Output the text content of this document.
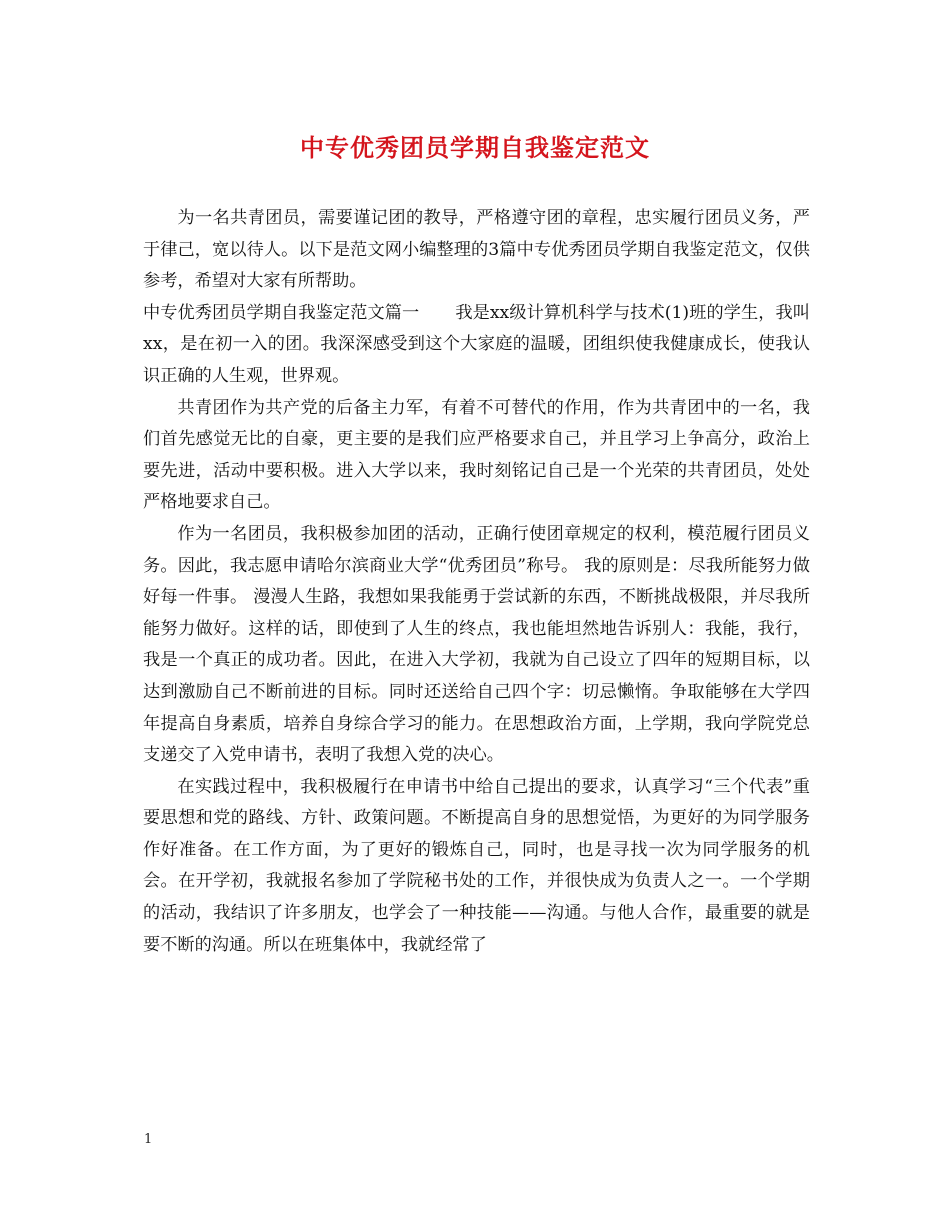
中专优秀团员学期自我鉴定范文

为一名共青团员，需要谨记团的教导，严格遵守团的章程，忠实履行团员义务，严于律己，宽以待人。以下是范文网小编整理的3篇中专优秀团员学期自我鉴定范文，仅供参考，希望对大家有所帮助。

中专优秀团员学期自我鉴定范文篇一 我是xx级计算机科学与技术(1)班的学生，我叫xx，是在初一入的团。我深深感受到这个大家庭的温暖，团组织使我健康成长，使我认识正确的人生观，世界观。

共青团作为共产党的后备主力军，有着不可替代的作用，作为共青团中的一名，我们首先感觉无比的自豪，更主要的是我们应严格要求自己，并且学习上争高分，政治上要先进，活动中要积极。进入大学以来，我时刻铭记自己是一个光荣的共青团员，处处严格地要求自己。

作为一名团员，我积极参加团的活动，正确行使团章规定的权利，模范履行团员义务。因此，我志愿申请哈尔滨商业大学“优秀团员”称号。 我的原则是：尽我所能努力做好每一件事。 漫漫人生路，我想如果我能勇于尝试新的东西，不断挑战极限，并尽我所能努力做好。这样的话，即使到了人生的终点，我也能坦然地告诉别人：我能，我行，我是一个真正的成功者。因此，在进入大学初，我就为自己设立了四年的短期目标，以达到激励自己不断前进的目标。同时还送给自己四个字：切忌懒惰。争取能够在大学四年提高自身素质，培养自身综合学习的能力。在思想政治方面，上学期，我向学院党总支递交了入党申请书，表明了我想入党的决心。

在实践过程中，我积极履行在申请书中给自己提出的要求，认真学习“三个代表”重要思想和党的路线、方针、政策问题。不断提高自身的思想觉悟，为更好的为同学服务作好准备。在工作方面，为了更好的锻炼自己，同时，也是寻找一次为同学服务的机会。在开学初，我就报名参加了学院秘书处的工作，并很快成为负责人之一。一个学期的活动，我结识了许多朋友，也学会了一种技能——沟通。与他人合作，最重要的就是要不断的沟通。所以在班集体中，我就经常了

1
